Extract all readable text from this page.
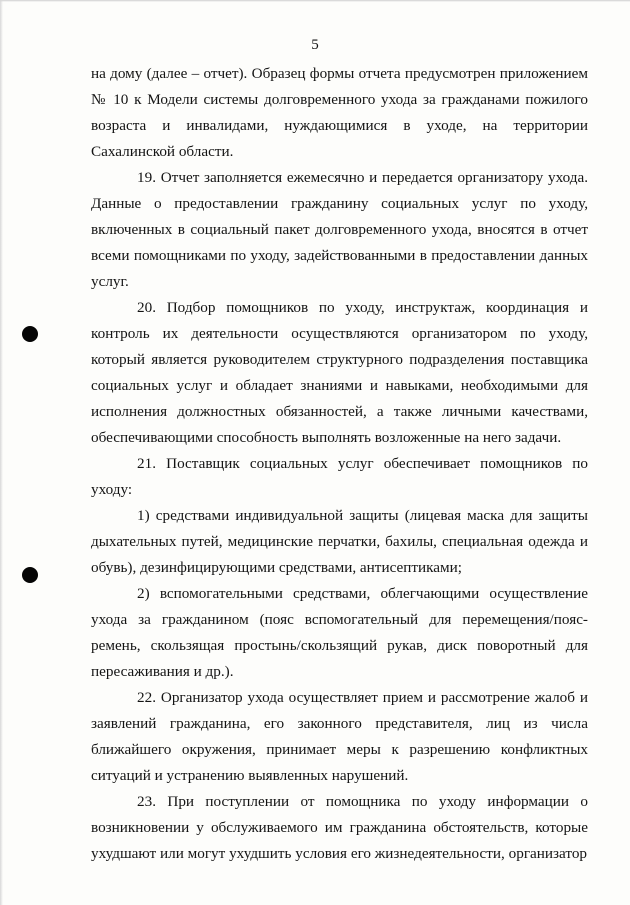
5

на дому (далее – отчет). Образец формы отчета предусмотрен приложением № 10 к Модели системы долговременного ухода за гражданами пожилого возраста и инвалидами, нуждающимися в уходе, на территории Сахалинской области.

19. Отчет заполняется ежемесячно и передается организатору ухода. Данные о предоставлении гражданину социальных услуг по уходу, включенных в социальный пакет долговременного ухода, вносятся в отчет всеми помощниками по уходу, задействованными в предоставлении данных услуг.

20. Подбор помощников по уходу, инструктаж, координация и контроль их деятельности осуществляются организатором по уходу, который является руководителем структурного подразделения поставщика социальных услуг и обладает знаниями и навыками, необходимыми для исполнения должностных обязанностей, а также личными качествами, обеспечивающими способность выполнять возложенные на него задачи.

21. Поставщик социальных услуг обеспечивает помощников по уходу:

1) средствами индивидуальной защиты (лицевая маска для защиты дыхательных путей, медицинские перчатки, бахилы, специальная одежда и обувь), дезинфицирующими средствами, антисептиками;

2) вспомогательными средствами, облегчающими осуществление ухода за гражданином (пояс вспомогательный для перемещения/пояс-ремень, скользящая простынь/скользящий рукав, диск поворотный для пересаживания и др.).

22. Организатор ухода осуществляет прием и рассмотрение жалоб и заявлений гражданина, его законного представителя, лиц из числа ближайшего окружения, принимает меры к разрешению конфликтных ситуаций и устранению выявленных нарушений.

23. При поступлении от помощника по уходу информации о возникновении у обслуживаемого им гражданина обстоятельств, которые ухудшают или могут ухудшить условия его жизнедеятельности, организатор
